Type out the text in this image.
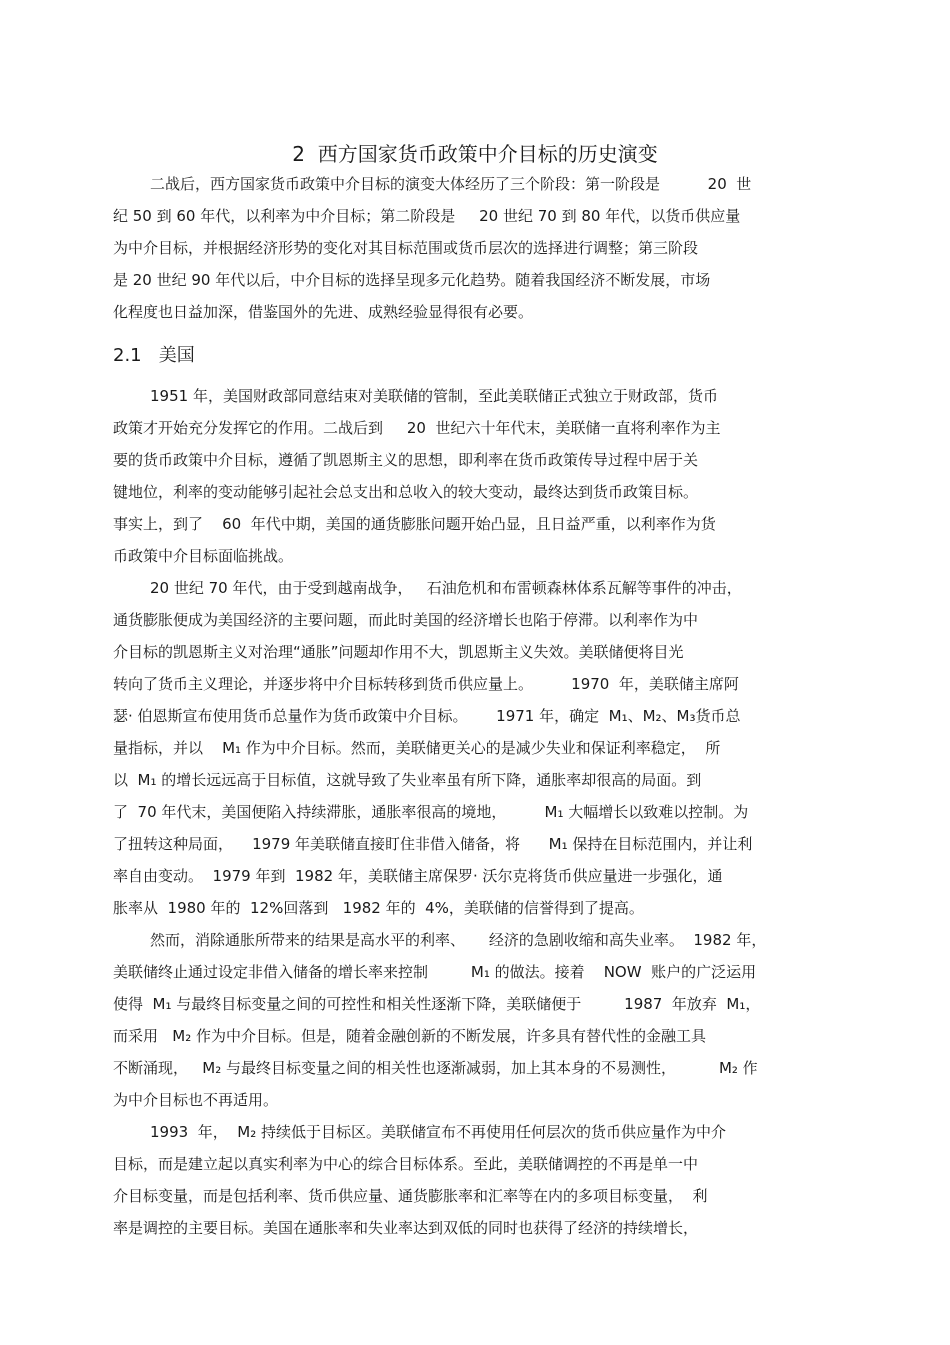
2  西方国家货币政策中介目标的历史演变
二战后，西方国家货币政策中介目标的演变大体经历了三个阶段：第一阶段是          20  世
纪 50 到 60 年代，以利率为中介目标；第二阶段是     20 世纪 70 到 80 年代，以货币供应量
为中介目标，并根据经济形势的变化对其目标范围或货币层次的选择进行调整；第三阶段
是 20 世纪 90 年代以后，中介目标的选择呈现多元化趋势。随着我国经济不断发展，市场
化程度也日益加深，借鉴国外的先进、成熟经验显得很有必要。
2.1   美国
1951 年，美国财政部同意结束对美联储的管制，至此美联储正式独立于财政部，货币
政策才开始充分发挥它的作用。二战后到     20  世纪六十年代末，美联储一直将利率作为主
要的货币政策中介目标，遵循了凯恩斯主义的思想，即利率在货币政策传导过程中居于关
键地位，利率的变动能够引起社会总支出和总收入的较大变动，最终达到货币政策目标。
事实上，到了    60  年代中期，美国的通货膨胀问题开始凸显，且日益严重，以利率作为货
币政策中介目标面临挑战。
20 世纪 70 年代，由于受到越南战争，   石油危机和布雷顿森林体系瓦解等事件的冲击，
通货膨胀便成为美国经济的主要问题，而此时美国的经济增长也陷于停滞。以利率作为中
介目标的凯恩斯主义对治理“通胀”问题却作用不大，凯恩斯主义失效。美联储便将目光
转向了货币主义理论，并逐步将中介目标转移到货币供应量上。        1970  年，美联储主席阿
瑟· 伯恩斯宣布使用货币总量作为货币政策中介目标。      1971 年，确定  M₁、M₂、M₃货币总
量指标，并以    M₁ 作为中介目标。然而，美联储更关心的是减少失业和保证利率稳定，  所
以  M₁ 的增长远远高于目标值，这就导致了失业率虽有所下降，通胀率却很高的局面。到
了  70 年代末，美国便陷入持续滞胀，通胀率很高的境地，        M₁ 大幅增长以致难以控制。为
了扭转这种局面，    1979 年美联储直接盯住非借入储备，将      M₁ 保持在目标范围内，并让利
率自由变动。  1979 年到  1982 年，美联储主席保罗· 沃尔克将货币供应量进一步强化，通
胀率从  1980 年的  12%回落到   1982 年的  4%，美联储的信誉得到了提高。
然而，消除通胀所带来的结果是高水平的利率、     经济的急剧收缩和高失业率。  1982 年，
美联储终止通过设定非借入储备的增长率来控制         M₁ 的做法。接着    NOW  账户的广泛运用
使得  M₁ 与最终目标变量之间的可控性和相关性逐渐下降，美联储便于         1987  年放弃  M₁，
而采用   M₂ 作为中介目标。但是，随着金融创新的不断发展，许多具有替代性的金融工具
不断涌现，   M₂ 与最终目标变量之间的相关性也逐渐减弱，加上其本身的不易测性，         M₂ 作
为中介目标也不再适用。
1993  年，  M₂ 持续低于目标区。美联储宣布不再使用任何层次的货币供应量作为中介
目标，而是建立起以真实利率为中心的综合目标体系。至此，美联储调控的不再是单一中
介目标变量，而是包括利率、货币供应量、通货膨胀率和汇率等在内的多项目标变量，  利
率是调控的主要目标。美国在通胀率和失业率达到双低的同时也获得了经济的持续增长，
